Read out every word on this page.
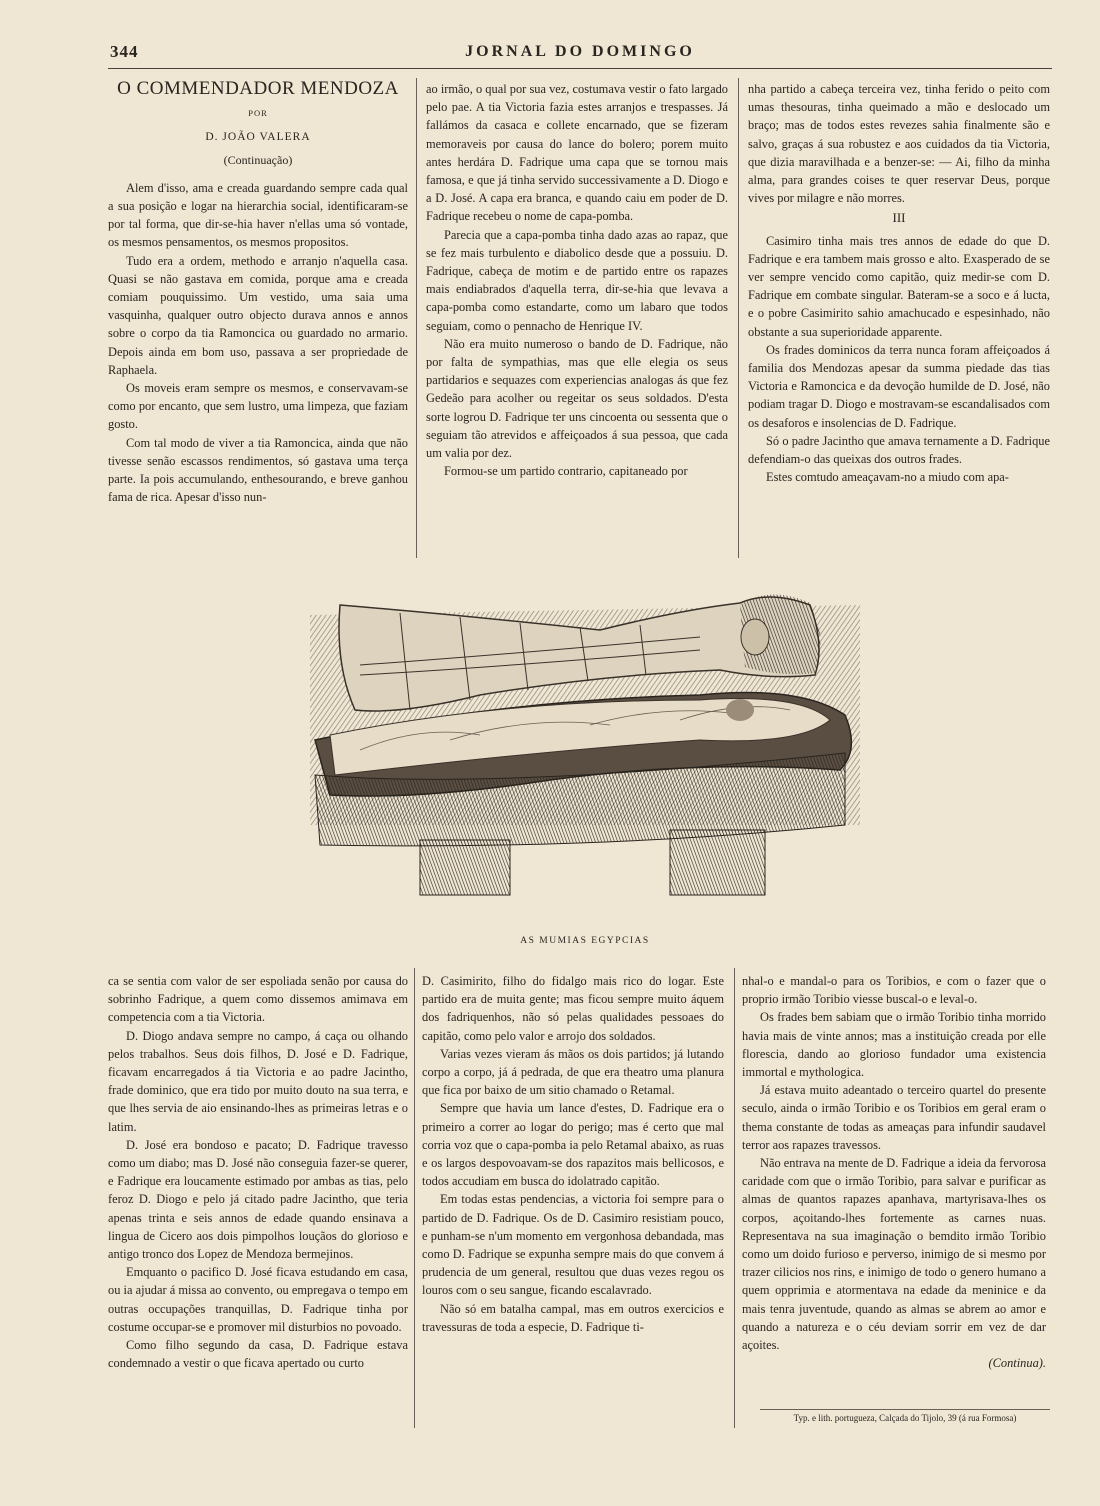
344	JORNAL DO DOMINGO
O COMMENDADOR MENDOZA
POR
D. JOÃO VALERA
(Continuação)

Alem d'isso, ama e creada guardando sempre cada qual a sua posição e logar na hierarchia social, identificaram-se por tal forma, que dir-se-hia haver n'ellas uma só vontade, os mesmos pensamentos, os mesmos propositos.

Tudo era a ordem, methodo e arranjo n'aquella casa. Quasi se não gastava em comida, porque ama e creada comiam pouquissimo. Um vestido, uma saia uma vasquinha, qualquer outro objecto durava annos e annos sobre o corpo da tia Ramoncica ou guardado no armario. Depois ainda em bom uso, passava a ser propriedade de Raphaela.

Os moveis eram sempre os mesmos, e conservavam-se como por encanto, que sem lustro, uma limpeza, que faziam gosto.

Com tal modo de viver a tia Ramoncica, ainda que não tivesse senão escassos rendimentos, só gastava uma terça parte. Ia pois accumulando, enthesourando, e breve ganhou fama de rica. Apesar d'isso nun-

ao irmão, o qual por sua vez, costumava vestir o fato largado pelo pae. A tia Victoria fazia estes arranjos e trespasses. Já fallámos da casaca e collete encarnado, que se fizeram memoraveis por causa do lance do bolero; porem muito antes herdára D. Fadrique uma capa que se tornou mais famosa, e que já tinha servido successivamente a D. Diogo e a D. José. A capa era branca, e quando caiu em poder de D. Fadrique recebeu o nome de capa-pomba.

Parecia que a capa-pomba tinha dado azas ao rapaz, que se fez mais turbulento e diabolico desde que a possuiu. D. Fadrique, cabeça de motim e de partido entre os rapazes mais endiabrados d'aquella terra, dir-se-hia que levava a capa-pomba como estandarte, como um labaro que todos seguiam, como o pennacho de Henrique IV.

Não era muito numeroso o bando de D. Fadrique, não por falta de sympathias, mas que elle elegia os seus partidarios e sequazes com experiencias analogas ás que fez Gedeão para acolher ou regeitar os seus soldados. D'esta sorte logrou D. Fadrique ter uns cincoenta ou sessenta que o seguiam tão atrevidos e affeiçoados á sua pessoa, que cada um valia por dez.

Formou-se um partido contrario, capitaneado por

nha partido a cabeça terceira vez, tinha ferido o peito com umas thesouras, tinha queimado a mão e deslocado um braço; mas de todos estes revezes sahia finalmente são e salvo, graças á sua robustez e aos cuidados da tia Victoria, que dizia maravilhada e a benzer-se: — Ai, filho da minha alma, para grandes coises te quer reservar Deus, porque vives por milagre e não morres.

III

Casimiro tinha mais tres annos de edade do que D. Fadrique e era tambem mais grosso e alto. Exasperado de se ver sempre vencido como capitão, quiz medir-se com D. Fadrique em combate singular. Bateram-se a soco e á lucta, e o pobre Casimirito sahio amachucado e espesinhado, não obstante a sua superioridade apparente.

Os frades dominicos da terra nunca foram affeiçoados á familia dos Mendozas apesar da summa piedade das tias Victoria e Ramoncica e da devoção humilde de D. José, não podiam tragar D. Diogo e mostravam-se escandalisados com os desaforos e insolencias de D. Fadrique.

Só o padre Jacintho que amava ternamente a D. Fadrique defendiam-o das queixas dos outros frades.

Estes comtudo ameaçavam-no a miudo com apa-

AS MUMIAS EGYPCIAS

ca se sentia com valor de ser espoliada senão por causa do sobrinho Fadrique, a quem como dissemos amimava em competencia com a tia Victoria.

D. Diogo andava sempre no campo, á caça ou olhando pelos trabalhos. Seus dois filhos, D. José e D. Fadrique, ficavam encarregados á tia Victoria e ao padre Jacintho, frade dominico, que era tido por muito douto na sua terra, e que lhes servia de aio ensinando-lhes as primeiras letras e o latim.

D. José era bondoso e pacato; D. Fadrique travesso como um diabo; mas D. José não conseguia fazer-se querer, e Fadrique era loucamente estimado por ambas as tias, pelo feroz D. Diogo e pelo já citado padre Jacintho, que teria apenas trinta e seis annos de edade quando ensinava a lingua de Cicero aos dois pimpolhos louçãos do glorioso e antigo tronco dos Lopez de Mendoza bermejinos.

Emquanto o pacifico D. José ficava estudando em casa, ou ia ajudar á missa ao convento, ou empregava o tempo em outras occupações tranquillas, D. Fadrique tinha por costume occupar-se e promover mil disturbios no povoado.

Como filho segundo da casa, D. Fadrique estava condemnado a vestir o que ficava apertado ou curto

D. Casimirito, filho do fidalgo mais rico do logar. Este partido era de muita gente; mas ficou sempre muito áquem dos fadriquenhos, não só pelas qualidades pessoaes do capitão, como pelo valor e arrojo dos soldados.

Varias vezes vieram ás mãos os dois partidos; já lutando corpo a corpo, já á pedrada, de que era theatro uma planura que fica por baixo de um sitio chamado o Retamal.

Sempre que havia um lance d'estes, D. Fadrique era o primeiro a correr ao logar do perigo; mas é certo que mal corria voz que o capa-pomba ia pelo Retamal abaixo, as ruas e os largos despovoavam-se dos rapazitos mais bellicosos, e todos accudiam em busca do idolatrado capitão.

Em todas estas pendencias, a victoria foi sempre para o partido de D. Fadrique. Os de D. Casimiro resistiam pouco, e punham-se n'um momento em vergonhosa debandada, mas como D. Fadrique se expunha sempre mais do que convem á prudencia de um general, resultou que duas vezes regou os louros com o seu sangue, ficando escalavrado.

Não só em batalha campal, mas em outros exercicios e travessuras de toda a especie, D. Fadrique ti-

nhal-o e mandal-o para os Toribios, e com o fazer que o proprio irmão Toribio viesse buscal-o e leval-o.

Os frades bem sabiam que o irmão Toribio tinha morrido havia mais de vinte annos; mas a instituição creada por elle florescia, dando ao glorioso fundador uma existencia immortal e mythologica.

Já estava muito adeantado o terceiro quartel do presente seculo, ainda o irmão Toribio e os Toribios em geral eram o thema constante de todas as ameaças para infundir saudavel terror aos rapazes travessos.

Não entrava na mente de D. Fadrique a ideia da fervorosa caridade com que o irmão Toribio, para salvar e purificar as almas de quantos rapazes apanhava, martyrisava-lhes os corpos, açoitando-lhes fortemente as carnes nuas. Representava na sua imaginação o bemdito irmão Toribio como um doido furioso e perverso, inimigo de si mesmo por trazer cilicios nos rins, e inimigo de todo o genero humano a quem opprimia e atormentava na edade da meninice e da mais tenra juventude, quando as almas se abrem ao amor e quando a natureza e o céu deviam sorrir em vez de dar açoites.

(Continua).
Typ. e lith. portugueza, Calçada do Tijolo, 39 (á rua Formosa)
